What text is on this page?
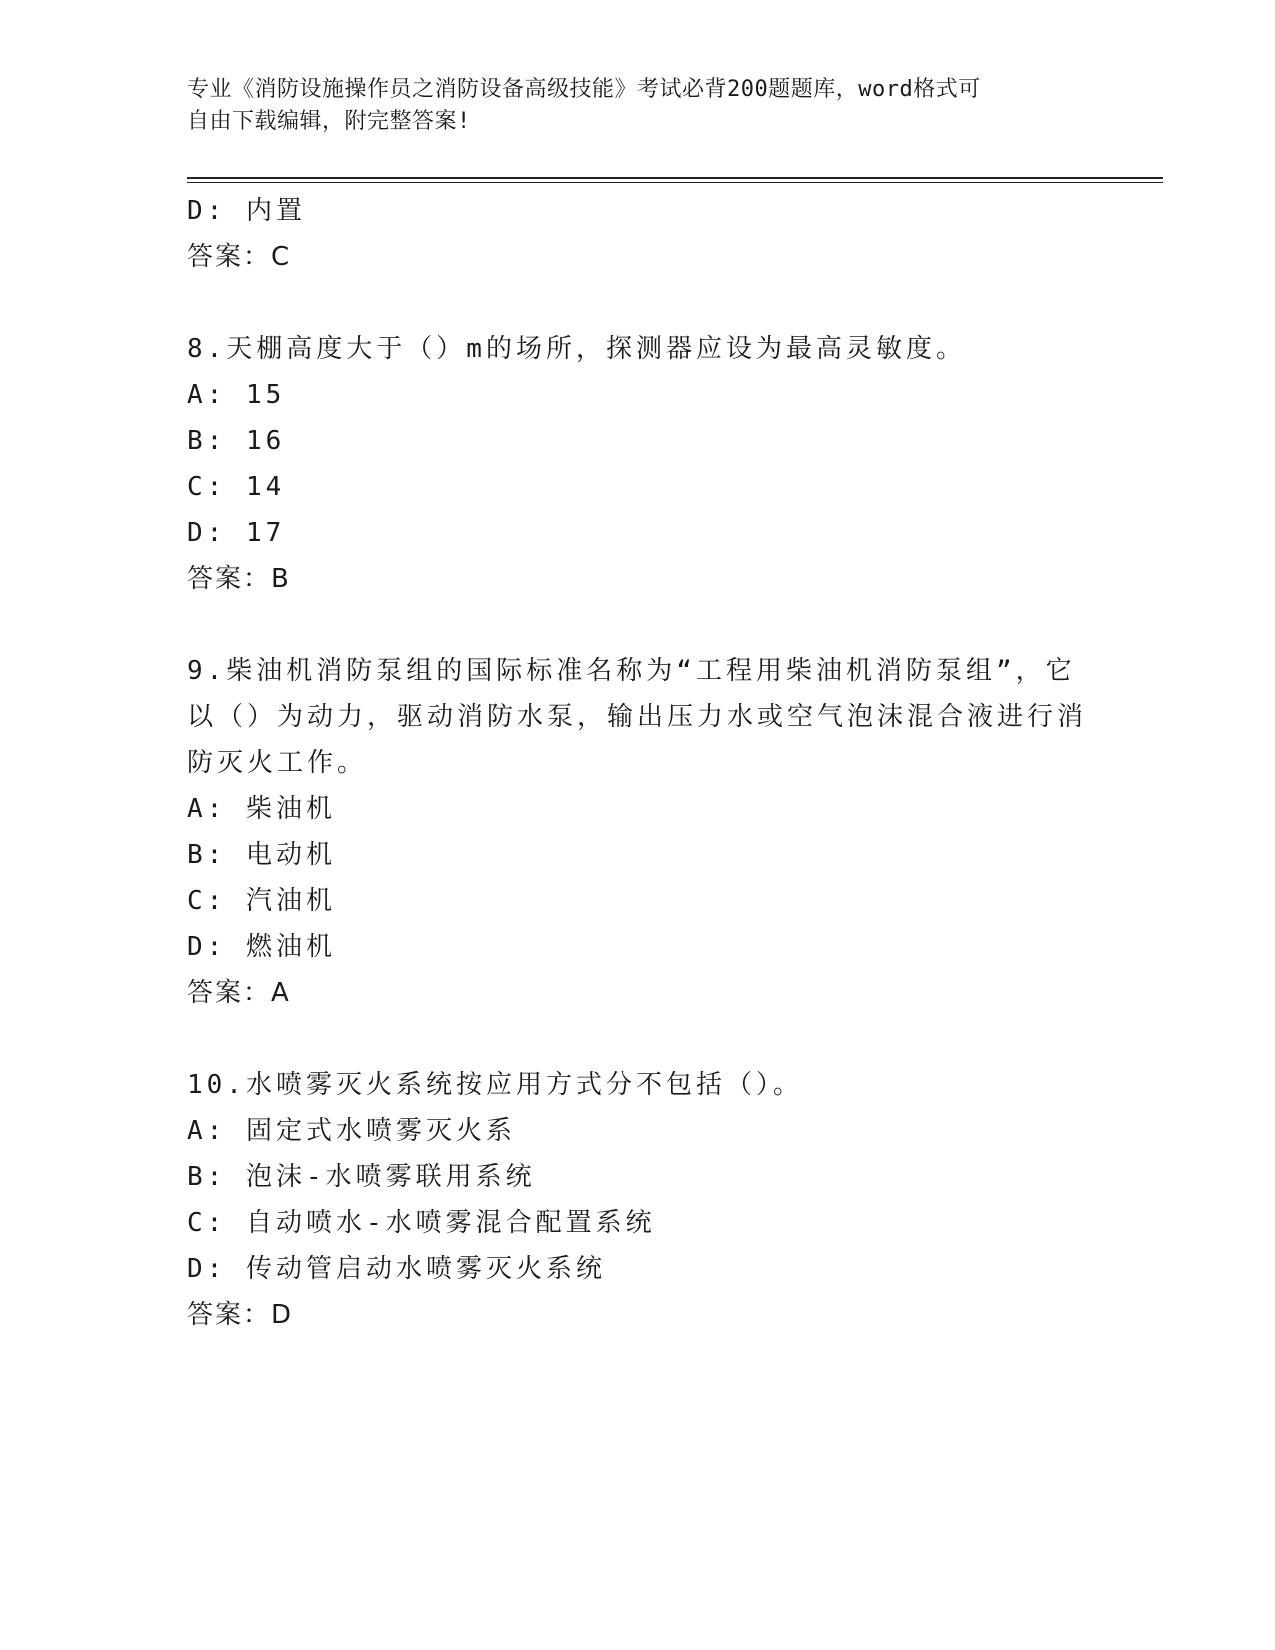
专业《消防设施操作员之消防设备高级技能》考试必背200题题库，word格式可
自由下载编辑，附完整答案!
D: 内置
答案：C
8.天棚高度大于（）m的场所，探测器应设为最高灵敏度。
A: 15
B: 16
C: 14
D: 17
答案：B
9.柴油机消防泵组的国际标准名称为“工程用柴油机消防泵组”，它
以（）为动力，驱动消防水泵，输出压力水或空气泡沫混合液进行消
防灭火工作。
A: 柴油机
B: 电动机
C: 汽油机
D: 燃油机
答案：A
10.水喷雾灭火系统按应用方式分不包括（）。
A: 固定式水喷雾灭火系
B: 泡沫-水喷雾联用系统
C: 自动喷水-水喷雾混合配置系统
D: 传动管启动水喷雾灭火系统
答案：D
